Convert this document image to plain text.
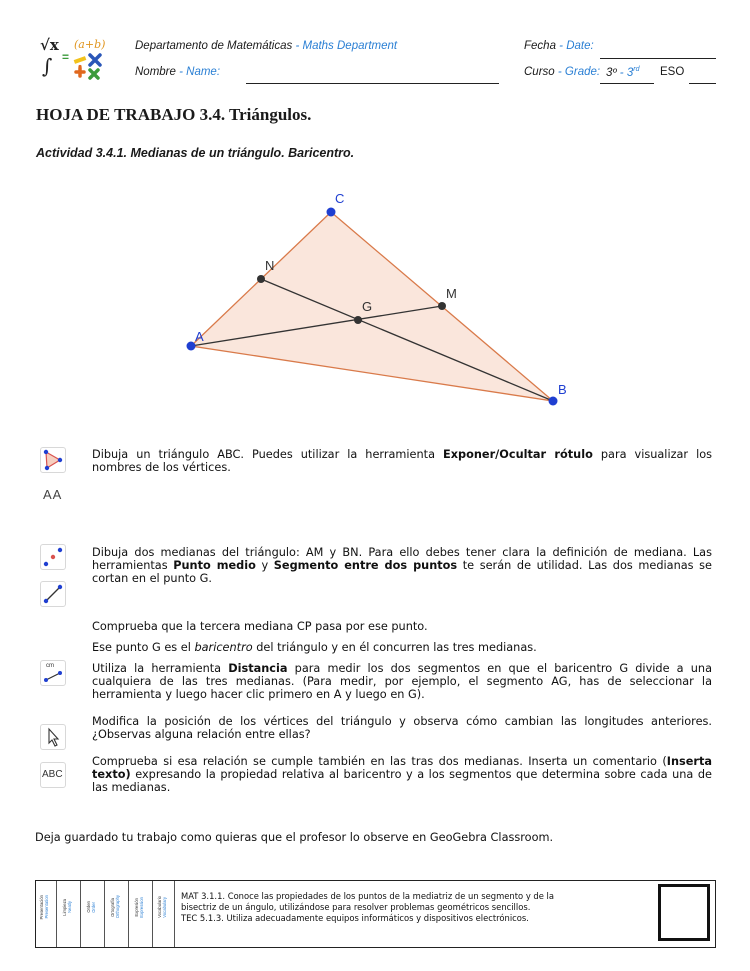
√x (a+b)
∫ =
Departamento de Matemáticas - Maths Department
Nombre - Name:
Fecha - Date:
Curso - Grade: 3º - 3rd ESO
HOJA DE TRABAJO 3.4. Triángulos.
Actividad 3.4.1. Medianas de un triángulo. Baricentro.
C
N
M
G
A
B
AA
cm
ABC
Dibuja un triángulo ABC. Puedes utilizar la herramienta Exponer/Ocultar rótulo para visualizar los nombres de los vértices.
Dibuja dos medianas del triángulo: AM y BN. Para ello debes tener clara la definición de mediana. Las herramientas Punto medio y Segmento entre dos puntos te serán de utilidad. Las dos medianas se cortan en el punto G.
Comprueba que la tercera mediana CP pasa por ese punto.
Ese punto G es el baricentro del triángulo y en él concurren las tres medianas.
Utiliza la herramienta Distancia para medir los dos segmentos en que el baricentro G divide a una cualquiera de las tres medianas. (Para medir, por ejemplo, el segmento AG, has de seleccionar la herramienta y luego hacer clic primero en A y luego en G).
Modifica la posición de los vértices del triángulo y observa cómo cambian las longitudes anteriores. ¿Observas alguna relación entre ellas?
Comprueba si esa relación se cumple también en las tras dos medianas. Inserta un comentario (Inserta texto) expresando la propiedad relativa al baricentro y a los segmentos que determina sobre cada una de las medianas.
Deja guardado tu trabajo como quieras que el profesor lo observe en GeoGebra Classroom.
Presentación Presentation	Limpieza Neatly	Orden Order	Ortografía Orthography	Expresión Expression	Vocabulario Vocabulary
MAT 3.1.1. Conoce las propiedades de los puntos de la mediatriz de un segmento y de la
bisectriz de un ángulo, utilizándose para resolver problemas geométricos sencillos.
TEC 5.1.3. Utiliza adecuadamente equipos informáticos y dispositivos electrónicos.
